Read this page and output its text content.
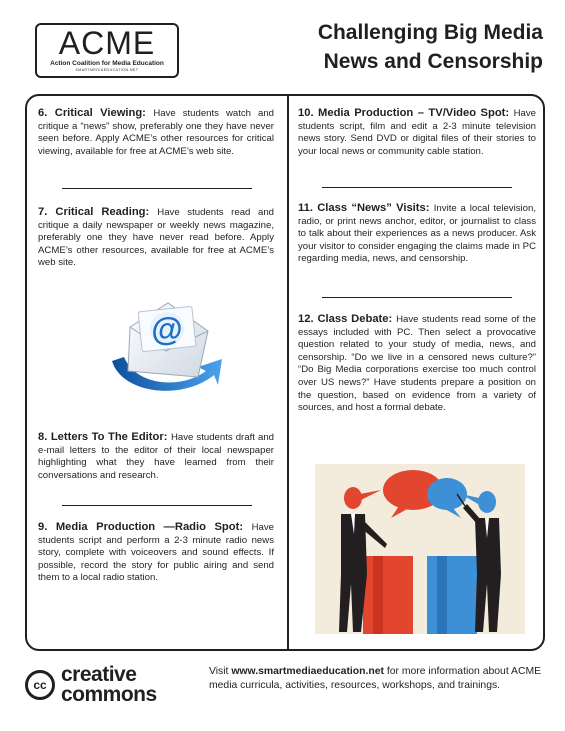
ACME
Action Coalition for Media Education
SMARTMEDIAEDUCATION.NET
Challenging Big Media
News and Censorship
6. Critical Viewing: Have students watch and critique a “news” show, preferably one they have never seen before. Apply ACME’s other resources for critical viewing, available for free at ACME’s web site.
7. Critical Reading: Have students read and critique a daily newspaper or weekly news magazine, preferably one they have never read before. Apply ACME’s other resources, available for free at ACME’s web site.
@
8. Letters To The Editor: Have students draft and e-mail letters to the editor of their local newspaper highlighting what they have learned from their conversations and research.
9. Media Production —Radio Spot: Have students script and perform a 2-3 minute radio news story, complete with voiceovers and sound effects. If possible, record the story for public airing and send them to a local radio station.
10. Media Production – TV/Video Spot: Have students script, film and edit a 2-3 minute television news story. Send DVD or digital files of their stories to your local news or community cable station.
11. Class “News” Visits: Invite a local television, radio, or print news anchor, editor, or journalist to class to talk about their experiences as a news producer. Ask your visitor to consider engaging the claims made in PC regarding media, news, and censorship.
12. Class Debate: Have students read some of the essays included with PC. Then select a provocative question related to your study of media, news, and censorship. “Do we live in a censored news culture?” “Do Big Media corporations exercise too much control over US news?” Have students prepare a position on the question, based on evidence from a variety of sources, and host a formal debate.
cc creative
commons
Visit www.smartmediaeducation.net for more information about ACME media curricula, activities, resources, workshops, and trainings.
